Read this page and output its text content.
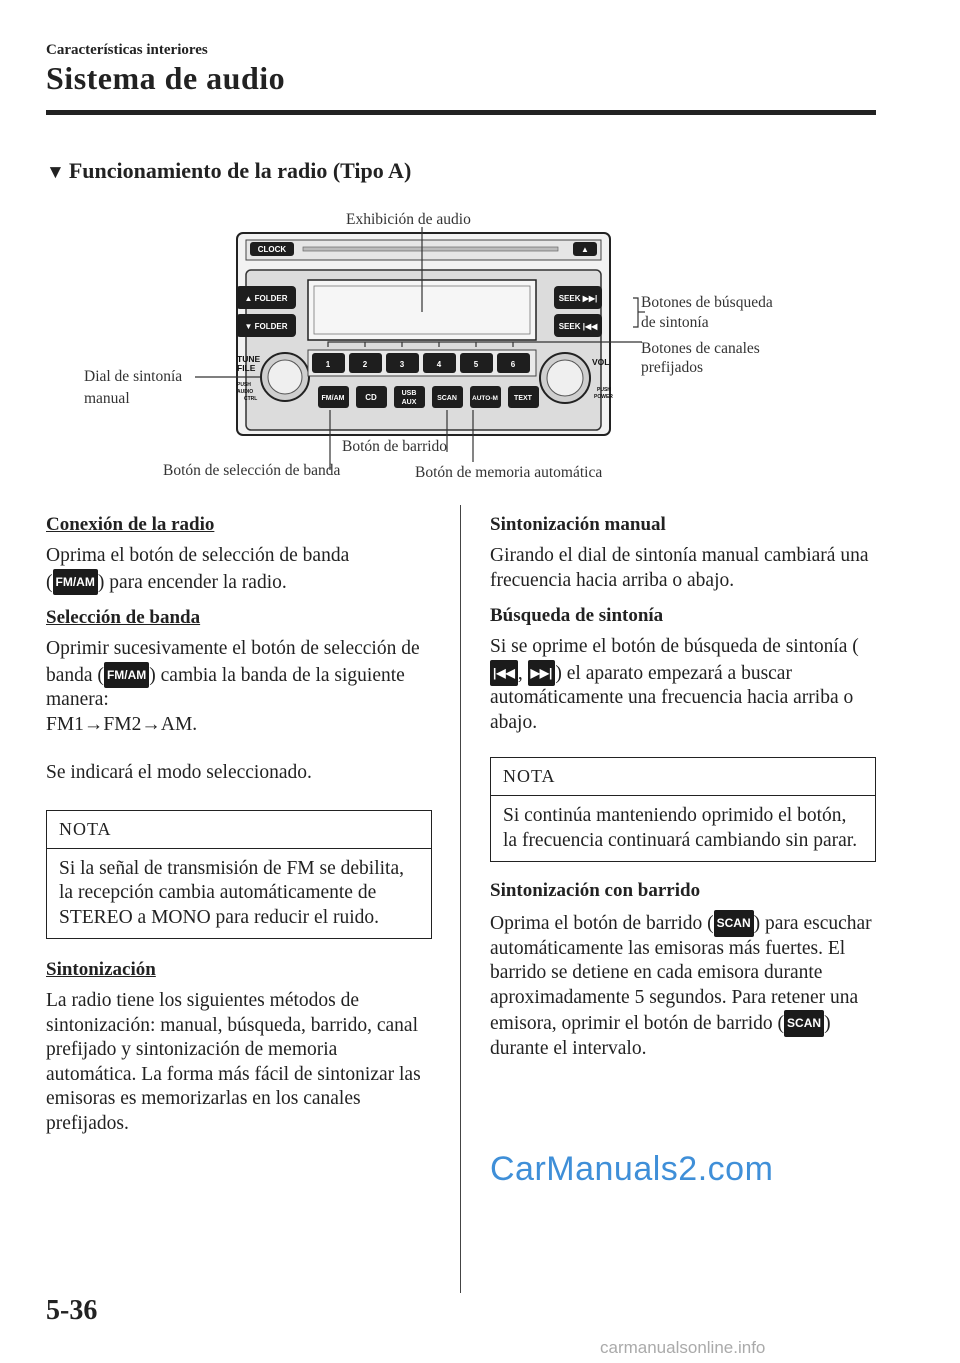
Características interiores
Sistema de audio
▼ Funcionamiento de la radio (Tipo A)
CLOCK	▲
▲ FOLDER
▼ FOLDER
SEEK ▶▶|
SEEK |◀◀
TUNE
FILE
PUSH
AUDIO
CTRL
VOL
PUSH
POWER
1	2	3	4	5	6
FM/AM	CD	USB
AUX
SCAN AUTO-M TEXT
Exhibición de audio
Botones de búsqueda
de sintonía
Botones de canales
prefijados
Dial de sintonía
manual
Botón de barrido
Botón de selección de banda	Botón de memoria automática
Conexión de la radio

Oprima el botón de selección de banda
( FM/AM ) para encender la radio.

Selección de banda

Oprimir sucesivamente el botón de selección de banda ( FM/AM ) cambia la banda de la siguiente manera:
FM1→FM2→AM.

Se indicará el modo seleccionado.

NOTA
Si la señal de transmisión de FM se debilita, la recepción cambia automáticamente de STEREO a MONO para reducir el ruido.
Sintonización

La radio tiene los siguientes métodos de sintonización: manual, búsqueda, barrido, canal prefijado y sintonización de memoria automática. La forma más fácil de sintonizar las emisoras es memorizarlas en los canales prefijados.

Sintonización manual

Girando el dial de sintonía manual cambiará una frecuencia hacia arriba o abajo.

Búsqueda de sintonía

Si se oprime el botón de búsqueda de sintonía (|◀◀ , ▶▶| ) el aparato empezará a buscar automáticamente una frecuencia hacia arriba o abajo.

NOTA
Si continúa manteniendo oprimido el botón, la frecuencia continuará cambiando sin parar.
Sintonización con barrido

Oprima el botón de barrido ( SCAN ) para escuchar automáticamente las emisoras más fuertes. El barrido se detiene en cada emisora durante aproximadamente 5 segundos. Para retener una emisora, oprimir el botón de barrido ( SCAN ) durante el intervalo.

CarManuals2.com
5-36
carmanualsonline.info
